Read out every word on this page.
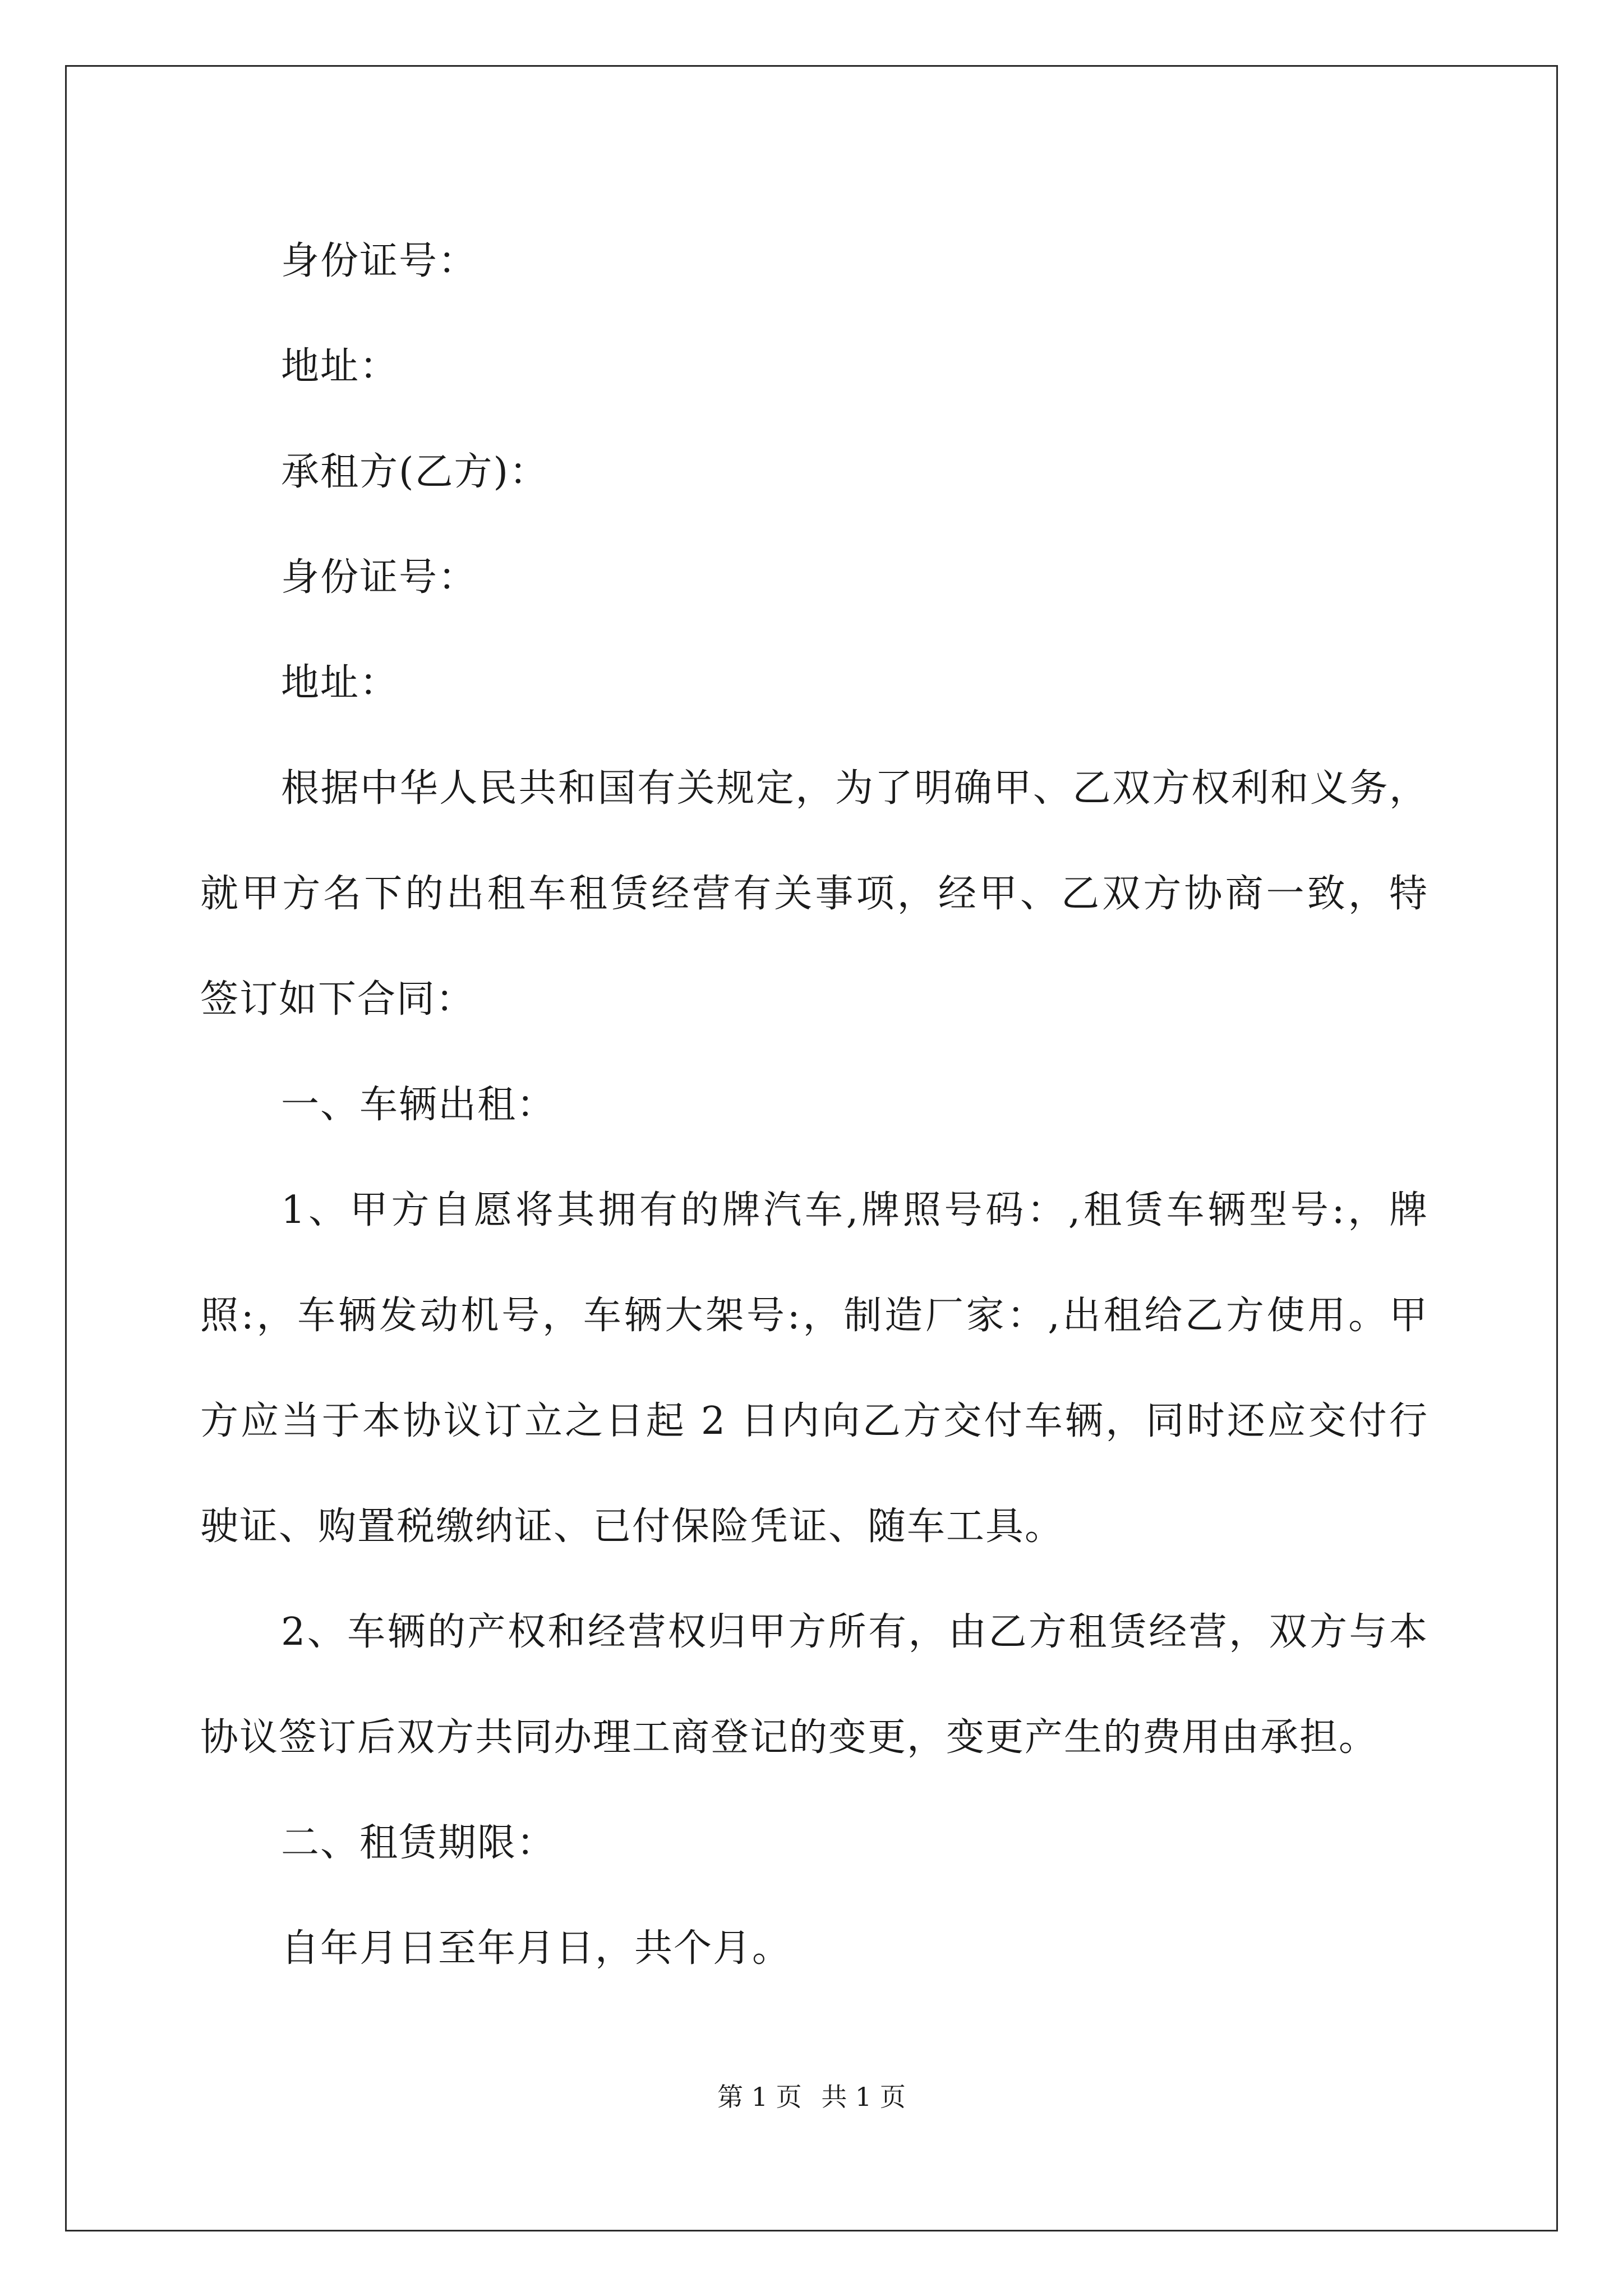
身份证号：
地址：
承租方(乙方)：
身份证号：
地址：
根据中华人民共和国有关规定，为了明确甲、乙双方权利和义务，
就甲方名下的出租车租赁经营有关事项，经甲、乙双方协商一致，特
签订如下合同：
一、车辆出租：
1、甲方自愿将其拥有的牌汽车,牌照号码：,租赁车辆型号:，牌
照:，车辆发动机号，车辆大架号:，制造厂家：,出租给乙方使用。甲
方应当于本协议订立之日起 2 日内向乙方交付车辆，同时还应交付行
驶证、购置税缴纳证、已付保险凭证、随车工具。
2、车辆的产权和经营权归甲方所有，由乙方租赁经营，双方与本
协议签订后双方共同办理工商登记的变更，变更产生的费用由承担。
二、租赁期限：
自年月日至年月日，共个月。
第 1 页 共 1 页
